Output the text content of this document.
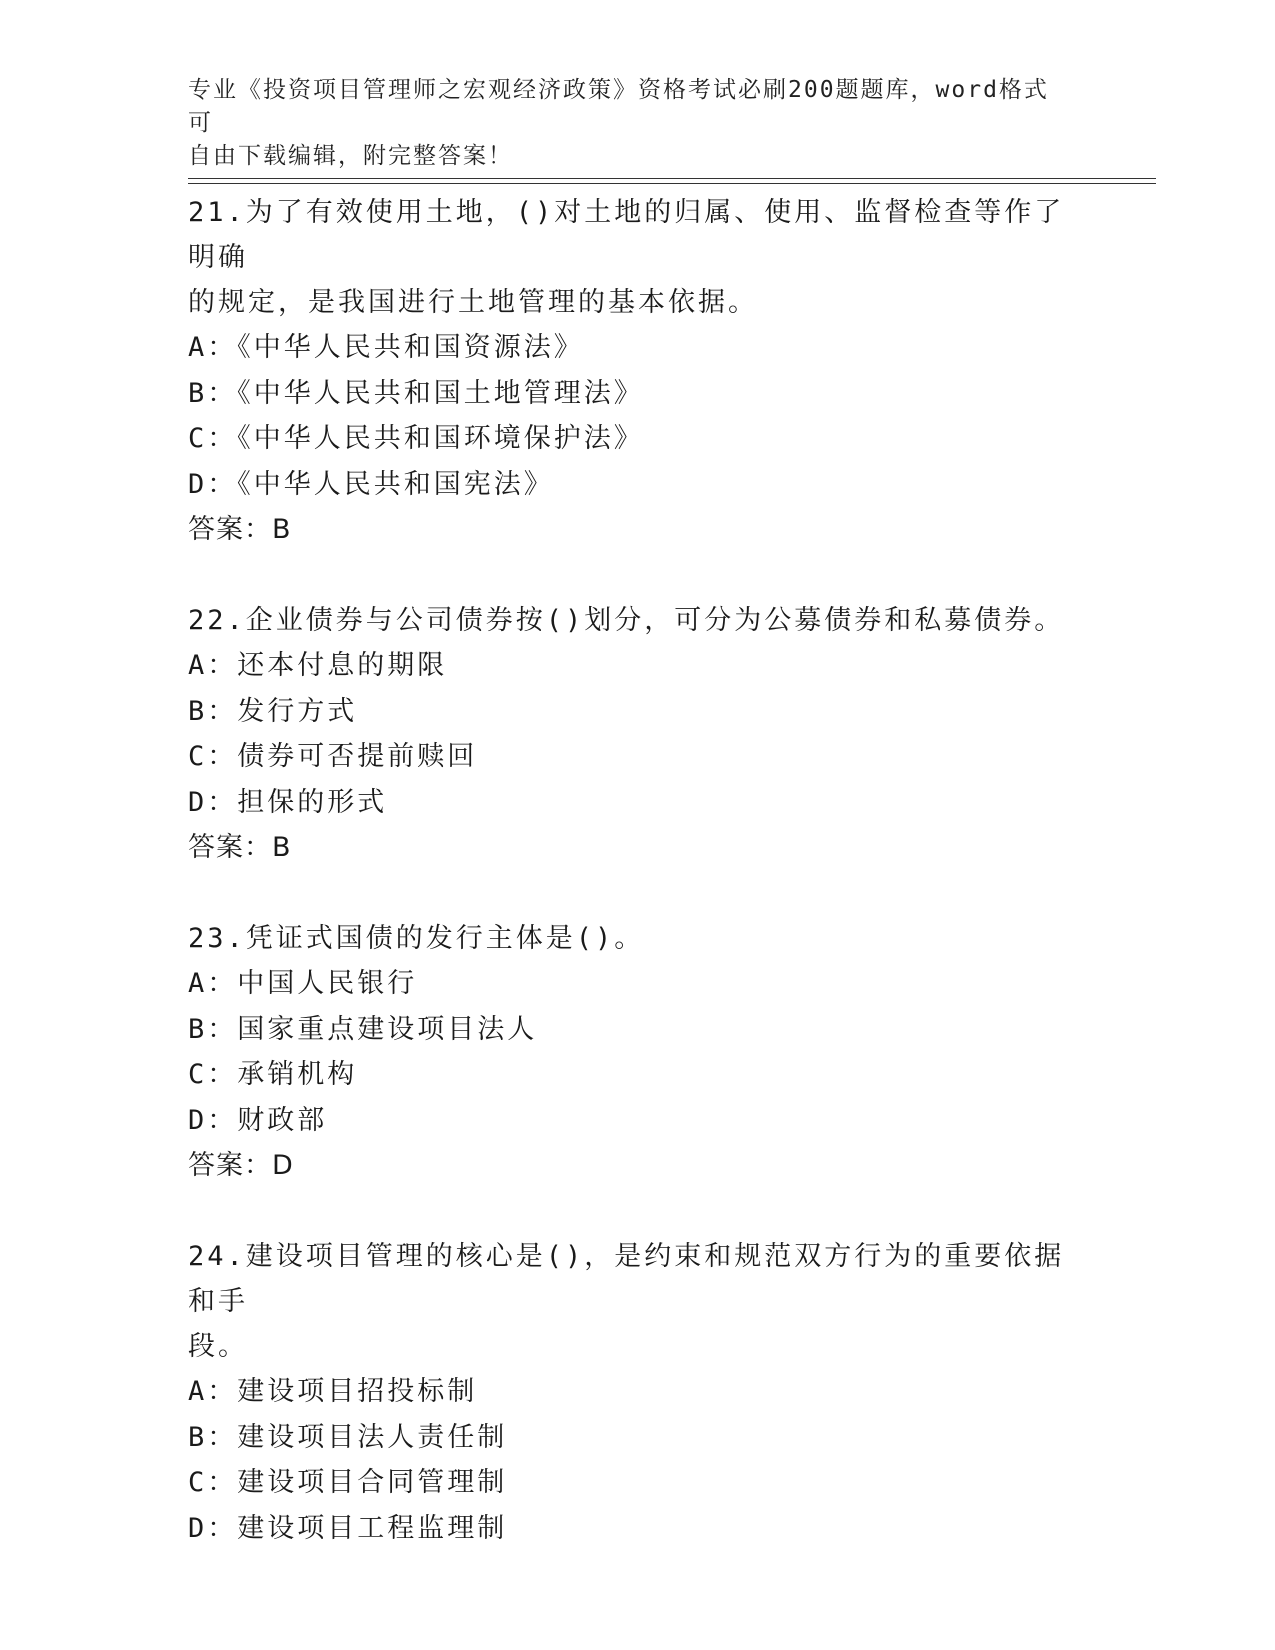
专业《投资项目管理师之宏观经济政策》资格考试必刷200题题库，word格式可
自由下载编辑，附完整答案！
21.为了有效使用土地，()对土地的归属、使用、监督检查等作了明确
的规定，是我国进行土地管理的基本依据。
A：《中华人民共和国资源法》
B：《中华人民共和国土地管理法》
C：《中华人民共和国环境保护法》
D：《中华人民共和国宪法》
答案：B
22.企业债券与公司债券按()划分，可分为公募债券和私募债券。
A：还本付息的期限
B：发行方式
C：债券可否提前赎回
D：担保的形式
答案：B
23.凭证式国债的发行主体是()。
A：中国人民银行
B：国家重点建设项目法人
C：承销机构
D：财政部
答案：D
24.建设项目管理的核心是()，是约束和规范双方行为的重要依据和手
段。
A：建设项目招投标制
B：建设项目法人责任制
C：建设项目合同管理制
D：建设项目工程监理制
